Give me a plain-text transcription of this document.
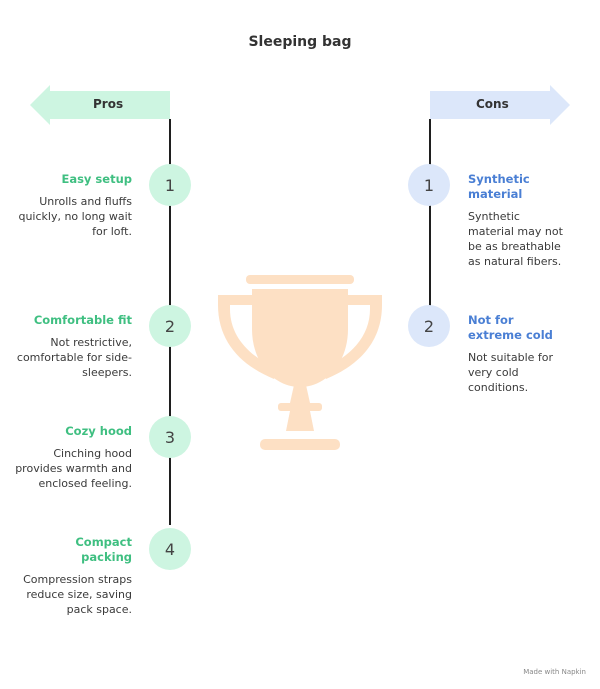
Sleeping bag
Pros	Cons
1
Easy setup
Unrolls and fluffs quickly, no long wait for loft.
2
Comfortable fit
Not restrictive, comfortable for side-sleepers.
3
Cozy hood
Cinching hood provides warmth and enclosed feeling.
4
Compact packing
Compression straps reduce size, saving pack space.
1	Synthetic material
Synthetic material may not be as breathable as natural fibers.
2	Not for extreme cold
Not suitable for very cold conditions.
Made with Napkin
